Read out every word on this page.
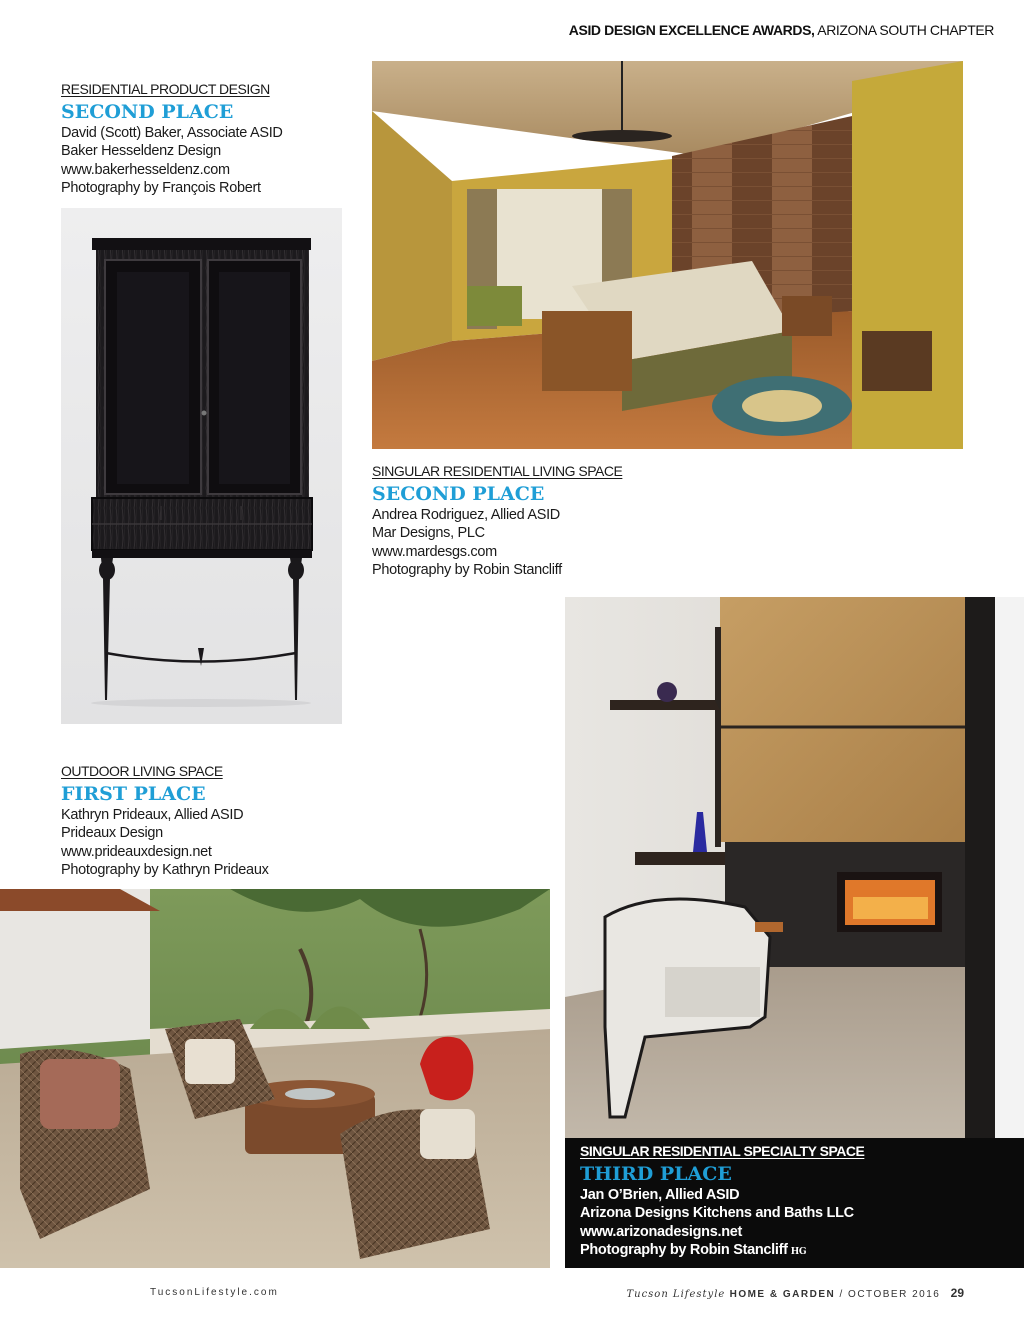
ASID DESIGN EXCELLENCE AWARDS, ARIZONA SOUTH CHAPTER
RESIDENTIAL PRODUCT DESIGN
SECOND PLACE
David (Scott) Baker, Associate ASID
Baker Hesseldenz Design
www.bakerhesseldenz.com
Photography by François Robert
SINGULAR RESIDENTIAL LIVING SPACE
SECOND PLACE
Andrea Rodriguez, Allied ASID
Mar Designs, PLC
www.mardesgs.com
Photography by Robin Stancliff
OUTDOOR LIVING SPACE
FIRST PLACE
Kathryn Prideaux, Allied ASID
Prideaux Design
www.prideauxdesign.net
Photography by Kathryn Prideaux
SINGULAR RESIDENTIAL SPECIALTY SPACE
THIRD PLACE
Jan O’Brien, Allied ASID
Arizona Designs Kitchens and Baths LLC
www.arizonadesigns.net
Photography by Robin Stancliff HG
TucsonLifestyle.com	Tucson Lifestyle HOME & GARDEN / OCTOBER 2016 29
